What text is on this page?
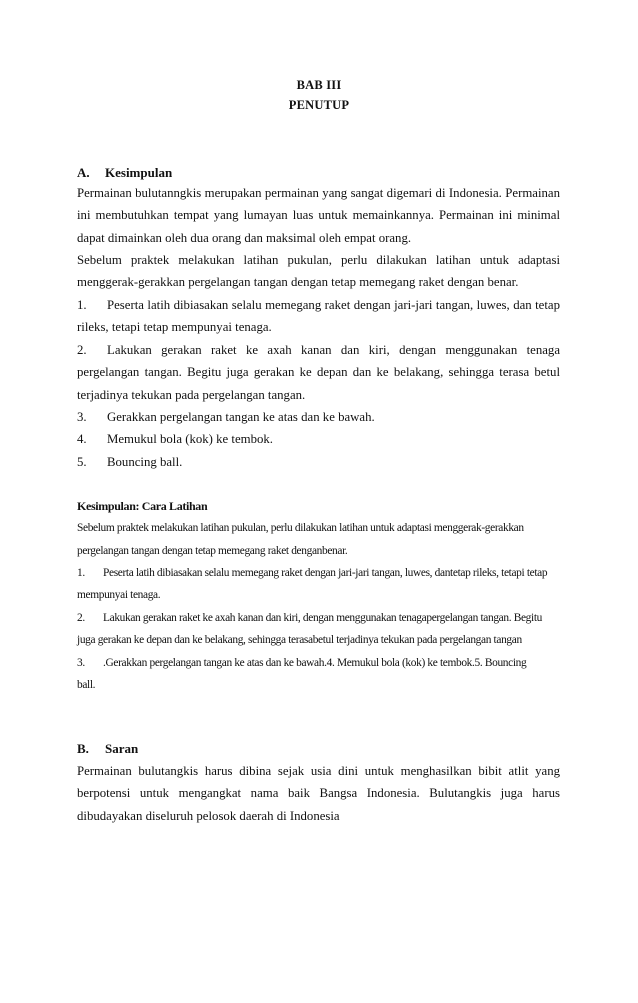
BAB III
PENUTUP
A. Kesimpulan

Permainan bulutanngkis merupakan permainan yang sangat digemari di Indonesia. Permainan ini membutuhkan tempat yang lumayan luas untuk memainkannya. Permainan ini minimal dapat dimainkan oleh dua orang dan maksimal oleh empat orang.

Sebelum praktek melakukan latihan pukulan, perlu dilakukan latihan untuk adaptasi menggerak-gerakkan pergelangan tangan dengan tetap memegang raket dengan benar.

1. Peserta latih dibiasakan selalu memegang raket dengan jari-jari tangan, luwes, dan tetap rileks, tetapi tetap mempunyai tenaga.

2. Lakukan gerakan raket ke axah kanan dan kiri, dengan menggunakan tenaga pergelangan tangan. Begitu juga gerakan ke depan dan ke belakang, sehingga terasa betul terjadinya tekukan pada pergelangan tangan.

3. Gerakkan pergelangan tangan ke atas dan ke bawah.

4. Memukul bola (kok) ke tembok.

5. Bouncing ball.

Kesimpulan: Cara Latihan
Sebelum praktek melakukan latihan pukulan, perlu dilakukan latihan untuk adaptasi menggerak-gerakkan
pergelangan tangan dengan tetap memegang raket denganbenar.
1. Peserta latih dibiasakan selalu memegang raket dengan jari-jari tangan, luwes, dantetap rileks, tetapi tetap
mempunyai tenaga.
2. Lakukan gerakan raket ke axah kanan dan kiri, dengan menggunakan tenagapergelangan tangan. Begitu
juga gerakan ke depan dan ke belakang, sehingga terasabetul terjadinya tekukan pada pergelangan tangan
3. .Gerakkan pergelangan tangan ke atas dan ke bawah.4. Memukul bola (kok) ke tembok.5. Bouncing
ball.
B. Saran

Permainan bulutangkis harus dibina sejak usia dini untuk menghasilkan bibit atlit yang berpotensi untuk mengangkat nama baik Bangsa Indonesia. Bulutangkis juga harus dibudayakan diseluruh pelosok daerah di Indonesia
